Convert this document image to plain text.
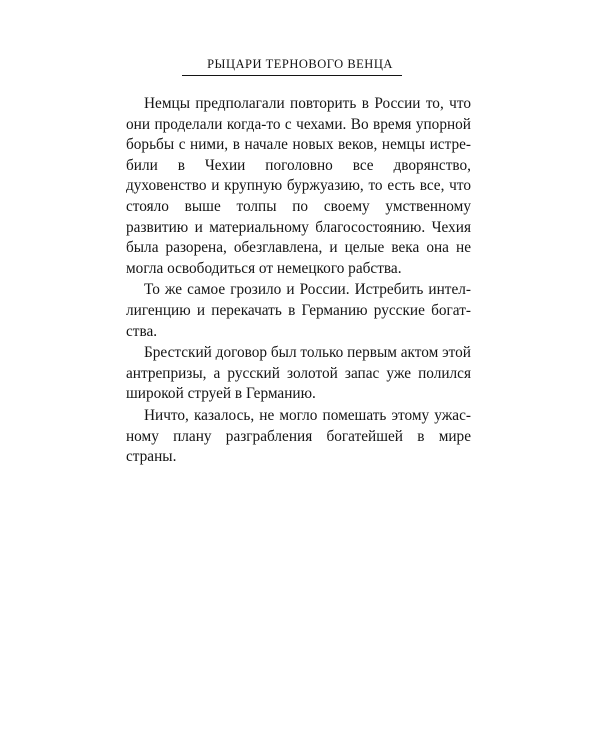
РЫЦАРИ ТЕРНОВОГО ВЕНЦА

Немцы предполагали повторить в России то, что они проделали когда-то с чехами. Во время упорной борьбы с ними, в начале новых веков, немцы истребили в Чехии поголовно все дворянство, духовенство и крупную буржуазию, то есть все, что стояло выше толпы по своему умственному развитию и материальному благосостоянию. Чехия была разорена, обезглавлена, и целые века она не могла освободиться от немецкого рабства.

То же самое грозило и России. Истребить интеллигенцию и перекачать в Германию русские богатства.

Брестский договор был только первым актом этой антрепризы, а русский золотой запас уже полился широкой струей в Германию.

Ничто, казалось, не могло помешать этому ужасному плану разграбления богатейшей в мире страны.
